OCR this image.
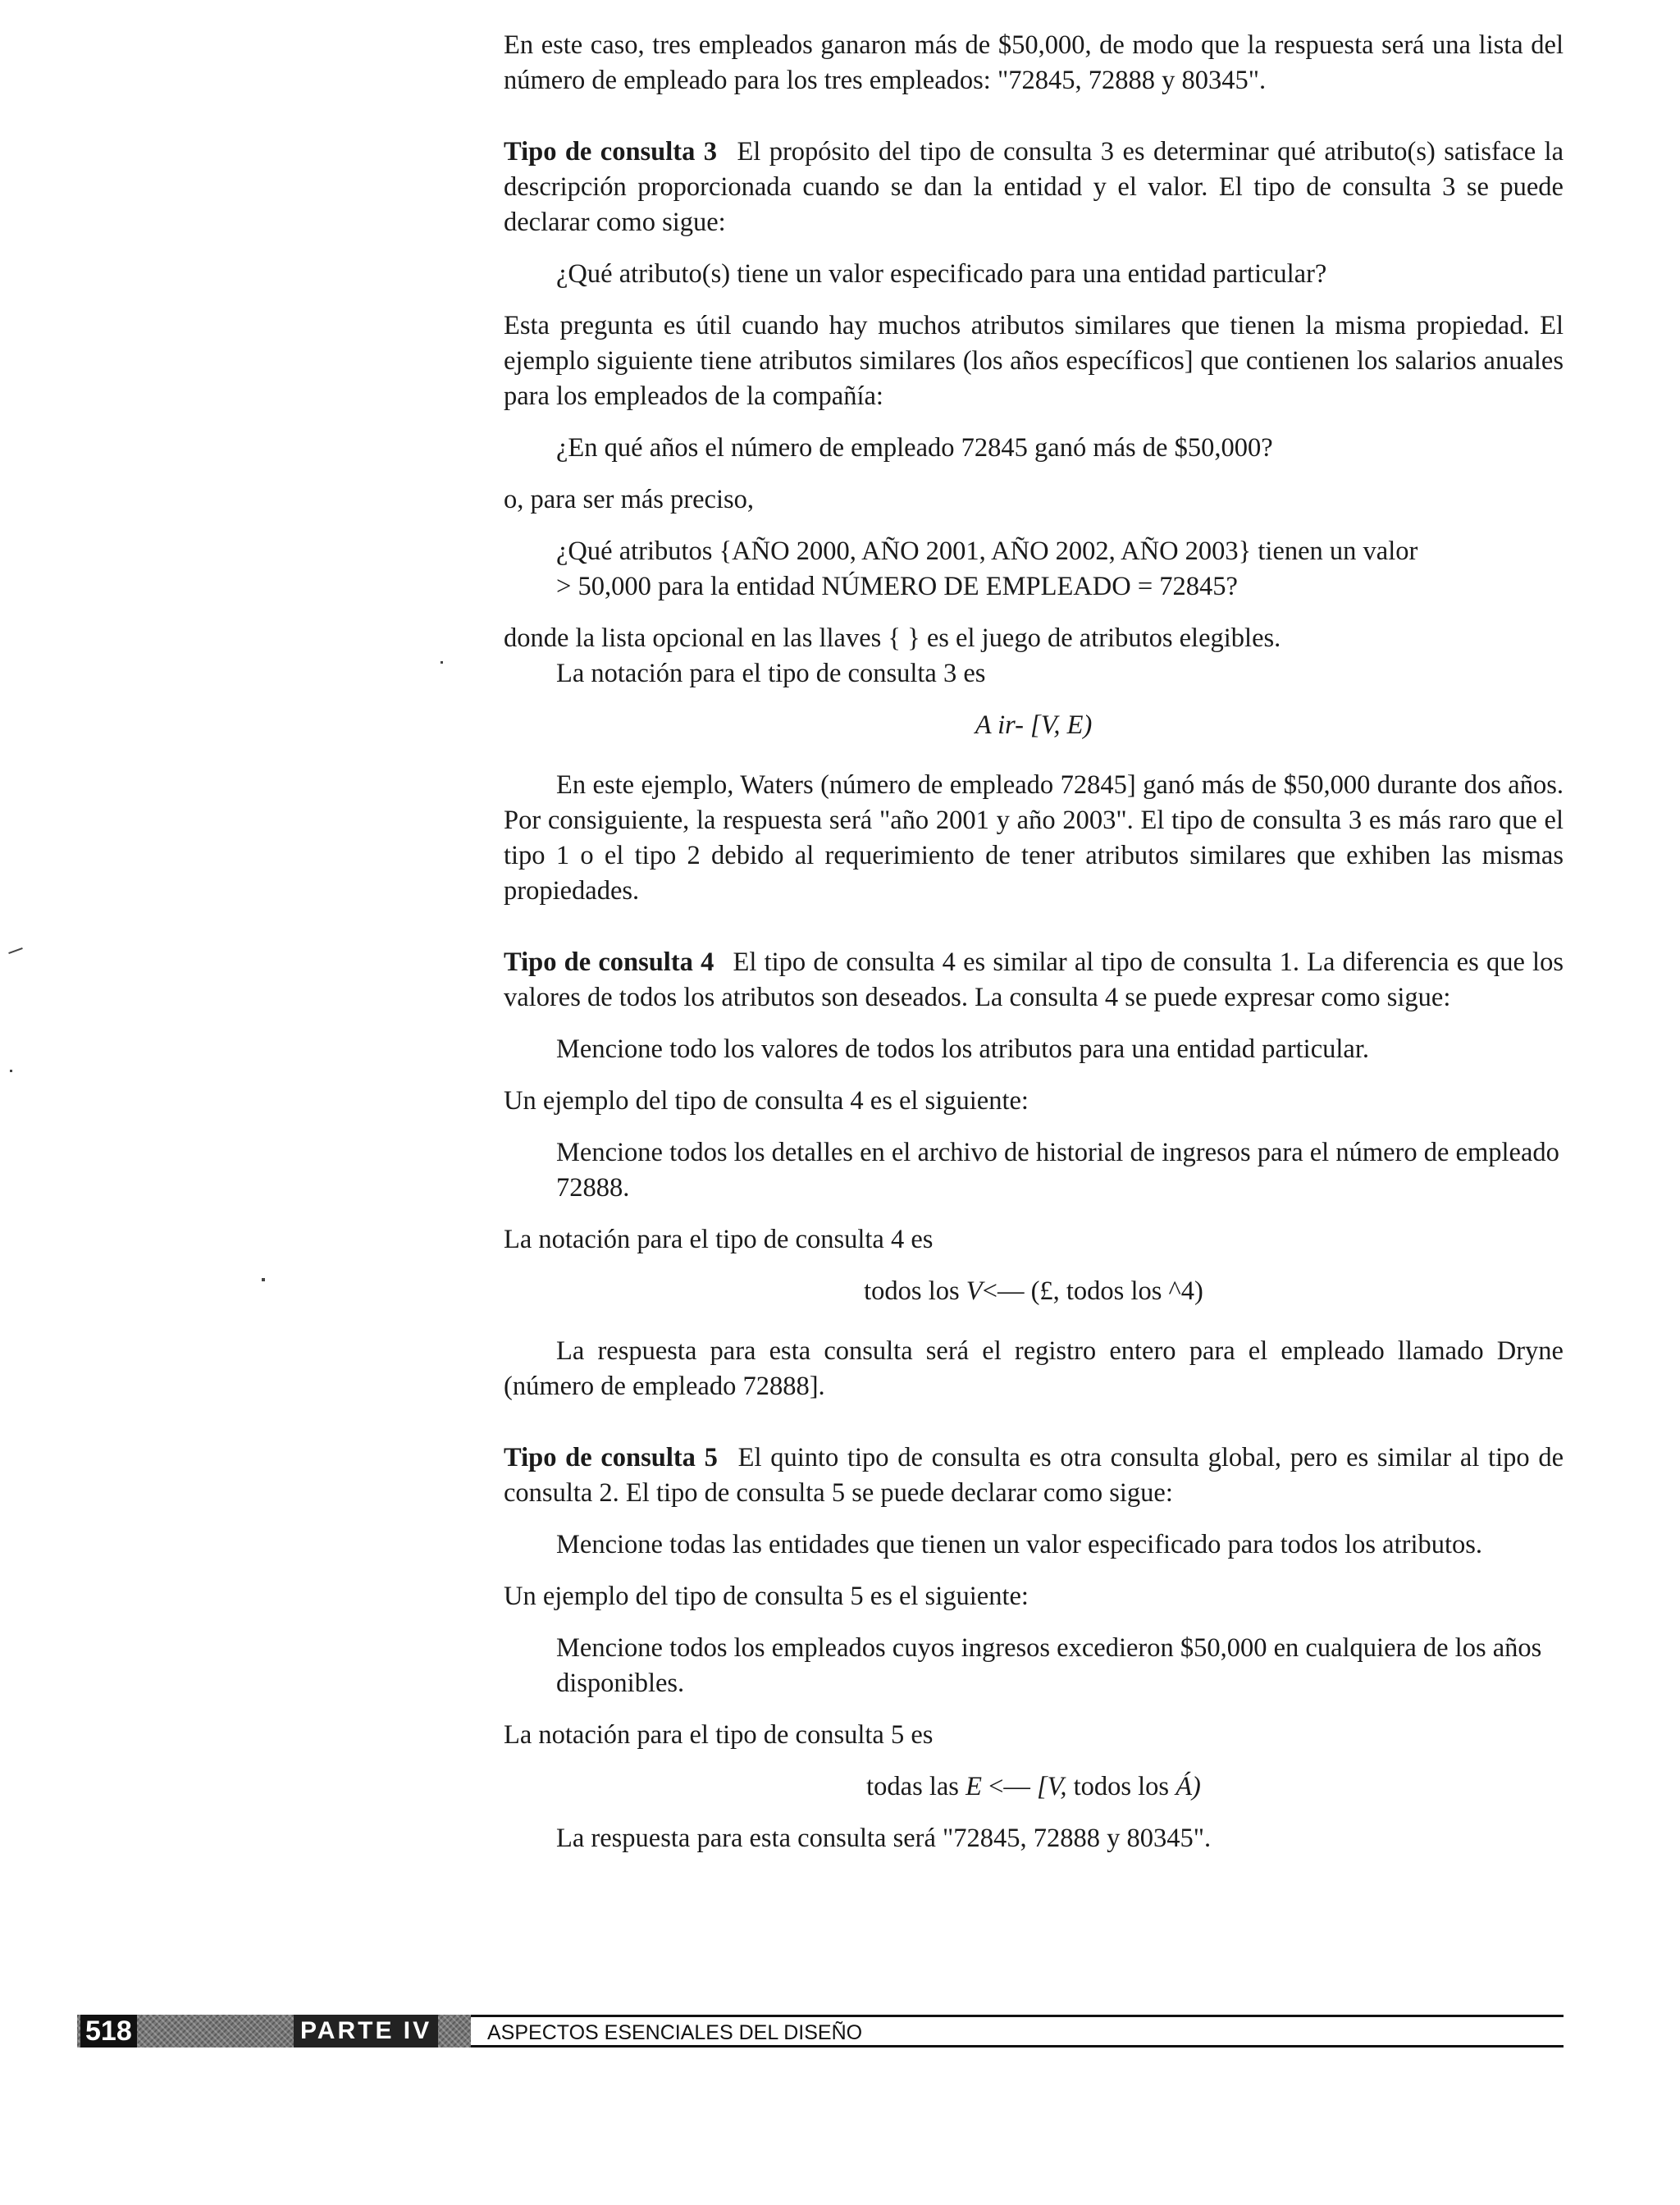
En este caso, tres empleados ganaron más de $50,000, de modo que la respuesta será una lista del número de empleado para los tres empleados: "72845, 72888 y 80345".

Tipo de consulta 3 El propósito del tipo de consulta 3 es determinar qué atributo(s) satisface la descripción proporcionada cuando se dan la entidad y el valor. El tipo de consulta 3 se puede declarar como sigue:

¿Qué atributo(s) tiene un valor especificado para una entidad particular?

Esta pregunta es útil cuando hay muchos atributos similares que tienen la misma propiedad. El ejemplo siguiente tiene atributos similares (los años específicos] que contienen los salarios anuales para los empleados de la compañía:

¿En qué años el número de empleado 72845 ganó más de $50,000?

o, para ser más preciso,

¿Qué atributos {AÑO 2000, AÑO 2001, AÑO 2002, AÑO 2003} tienen un valor
> 50,000 para la entidad NÚMERO DE EMPLEADO = 72845?

donde la lista opcional en las llaves { } es el juego de atributos elegibles.

La notación para el tipo de consulta 3 es

A ir- [V, E)

En este ejemplo, Waters (número de empleado 72845] ganó más de $50,000 durante dos años. Por consiguiente, la respuesta será "año 2001 y año 2003". El tipo de consulta 3 es más raro que el tipo 1 o el tipo 2 debido al requerimiento de tener atributos similares que exhiben las mismas propiedades.

Tipo de consulta 4 El tipo de consulta 4 es similar al tipo de consulta 1. La diferencia es que los valores de todos los atributos son deseados. La consulta 4 se puede expresar como sigue:

Mencione todo los valores de todos los atributos para una entidad particular.

Un ejemplo del tipo de consulta 4 es el siguiente:

Mencione todos los detalles en el archivo de historial de ingresos para el número de empleado 72888.

La notación para el tipo de consulta 4 es

todos los V<— (£, todos los ^4)

La respuesta para esta consulta será el registro entero para el empleado llamado Dryne (número de empleado 72888].

Tipo de consulta 5 El quinto tipo de consulta es otra consulta global, pero es similar al tipo de consulta 2. El tipo de consulta 5 se puede declarar como sigue:

Mencione todas las entidades que tienen un valor especificado para todos los atributos.

Un ejemplo del tipo de consulta 5 es el siguiente:

Mencione todos los empleados cuyos ingresos excedieron $50,000 en cualquiera de los años disponibles.

La notación para el tipo de consulta 5 es

todas las E <— [V, todos los Á)

La respuesta para esta consulta será "72845, 72888 y 80345".

518	PARTE IV	ASPECTOS ESENCIALES DEL DISEÑO
